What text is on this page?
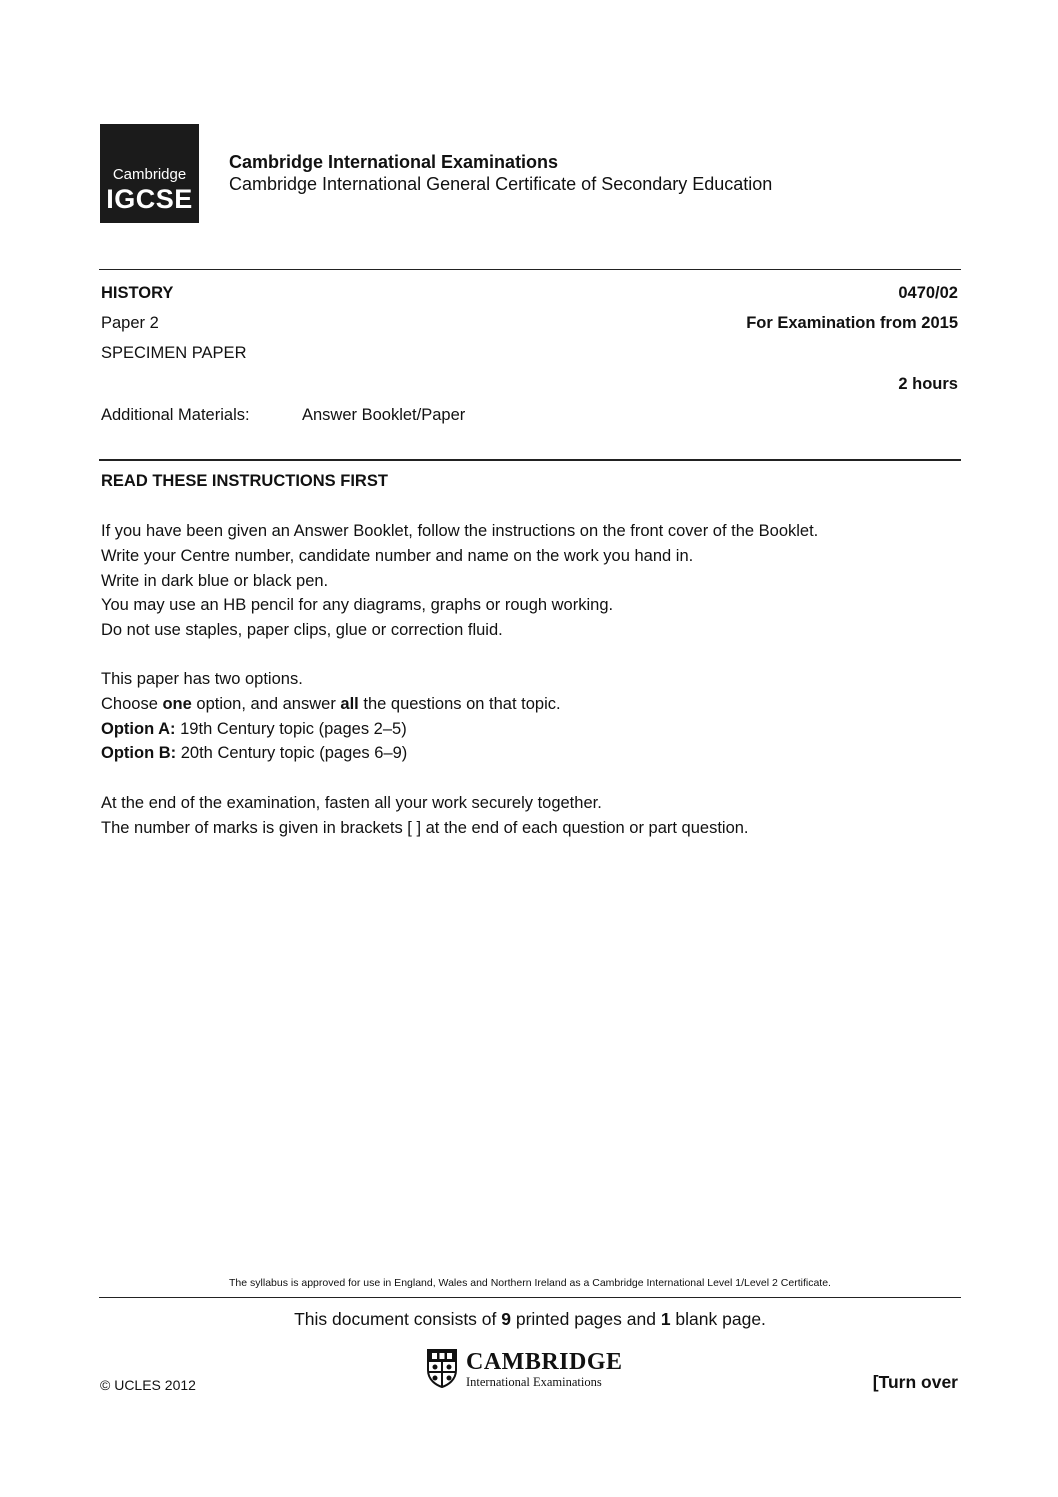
Cambridge
IGCSE
Cambridge International Examinations
Cambridge International General Certificate of Secondary Education
HISTORY	0470/02
Paper 2	For Examination from 2015
SPECIMEN PAPER
2 hours
Additional Materials:	Answer Booklet/Paper
READ THESE INSTRUCTIONS FIRST

If you have been given an Answer Booklet, follow the instructions on the front cover of the Booklet.

Write your Centre number, candidate number and name on the work you hand in.

Write in dark blue or black pen.

You may use an HB pencil for any diagrams, graphs or rough working.

Do not use staples, paper clips, glue or correction fluid.

This paper has two options.

Choose one option, and answer all the questions on that topic.

Option A: 19th Century topic (pages 2–5)

Option B: 20th Century topic (pages 6–9)

At the end of the examination, fasten all your work securely together.

The number of marks is given in brackets [ ] at the end of each question or part question.

The syllabus is approved for use in England, Wales and Northern Ireland as a Cambridge International Level 1/Level 2 Certificate.
This document consists of 9 printed pages and 1 blank page.
© UCLES 2012
CAMBRIDGE
International Examinations	[Turn over
